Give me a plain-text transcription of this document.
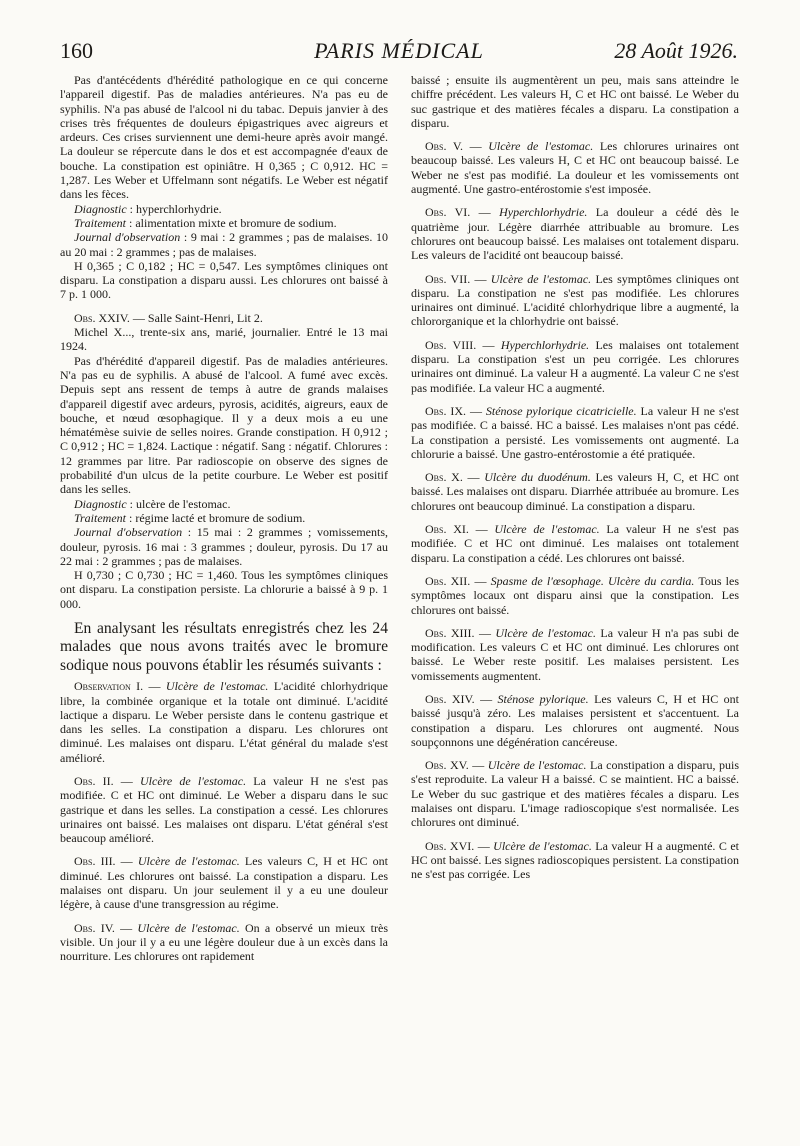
160	PARIS MÉDICAL	28 Août 1926.

Pas d'antécédents d'hérédité pathologique en ce qui concerne l'appareil digestif. Pas de maladies antérieures. N'a pas eu de syphilis. N'a pas abusé de l'alcool ni du tabac. Depuis janvier à des crises très fréquentes de douleurs épigastriques avec aigreurs et ardeurs. Ces crises surviennent une demi-heure après avoir mangé. La douleur se répercute dans le dos et est accompagnée d'eaux de bouche. La constipation est opiniâtre. H 0,365 ; C 0,912. HC = 1,287. Les Weber et Uffelmann sont négatifs. Le Weber est négatif dans les fèces.

Diagnostic : hyperchlorhydrie.

Traitement : alimentation mixte et bromure de sodium.

Journal d'observation : 9 mai : 2 grammes ; pas de malaises. 10 au 20 mai : 2 grammes ; pas de malaises.

H 0,365 ; C 0,182 ; HC = 0,547. Les symptômes cliniques ont disparu. La constipation a disparu aussi. Les chlorures ont baissé à 7 p. 1 000.

Obs. XXIV. — Salle Saint-Henri, Lit 2.

Michel X..., trente-six ans, marié, journalier. Entré le 13 mai 1924.

Pas d'hérédité d'appareil digestif. Pas de maladies antérieures. N'a pas eu de syphilis. A abusé de l'alcool. A fumé avec excès. Depuis sept ans ressent de temps à autre de grands malaises d'appareil digestif avec ardeurs, pyrosis, acidités, aigreurs, eaux de bouche, et nœud œsophagique. Il y a deux mois a eu une hématémèse suivie de selles noires. Grande constipation. H 0,912 ; C 0,912 ; HC = 1,824. Lactique : négatif. Sang : négatif. Chlorures : 12 grammes par litre. Par radioscopie on observe des signes de probabilité d'un ulcus de la petite courbure. Le Weber est positif dans les selles.

Diagnostic : ulcère de l'estomac.

Traitement : régime lacté et bromure de sodium.

Journal d'observation : 15 mai : 2 grammes ; vomissements, douleur, pyrosis. 16 mai : 3 grammes ; douleur, pyrosis. Du 17 au 22 mai : 2 grammes ; pas de malaises.

H 0,730 ; C 0,730 ; HC = 1,460. Tous les symptômes cliniques ont disparu. La constipation persiste. La chlorurie a baissé à 9 p. 1 000.

En analysant les résultats enregistrés chez les 24 malades que nous avons traités avec le bromure sodique nous pouvons établir les résumés suivants :

Observation I. — Ulcère de l'estomac. L'acidité chlorhydrique libre, la combinée organique et la totale ont diminué. L'acidité lactique a disparu. Le Weber persiste dans le contenu gastrique et dans les selles. La constipation a disparu. Les chlorures ont diminué. Les malaises ont disparu. L'état général du malade s'est amélioré.

Obs. II. — Ulcère de l'estomac. La valeur H ne s'est pas modifiée. C et HC ont diminué. Le Weber a disparu dans le suc gastrique et dans les selles. La constipation a cessé. Les chlorures urinaires ont baissé. Les malaises ont disparu. L'état général s'est beaucoup amélioré.

Obs. III. — Ulcère de l'estomac. Les valeurs C, H et HC ont diminué. Les chlorures ont baissé. La constipation a disparu. Les malaises ont disparu. Un jour seulement il y a eu une douleur légère, à cause d'une transgression au régime.

Obs. IV. — Ulcère de l'estomac. On a observé un mieux très visible. Un jour il y a eu une légère douleur due à un excès dans la nourriture. Les chlorures ont rapidement

baissé ; ensuite ils augmentèrent un peu, mais sans atteindre le chiffre précédent. Les valeurs H, C et HC ont baissé. Le Weber du suc gastrique et des matières fécales a disparu. La constipation a disparu.

Obs. V. — Ulcère de l'estomac. Les chlorures urinaires ont beaucoup baissé. Les valeurs H, C et HC ont beaucoup baissé. Le Weber ne s'est pas modifié. La douleur et les vomissements ont augmenté. Une gastro-entérostomie s'est imposée.

Obs. VI. — Hyperchlorhydrie. La douleur a cédé dès le quatrième jour. Légère diarrhée attribuable au bromure. Les chlorures ont beaucoup baissé. Les malaises ont totalement disparu. Les valeurs de l'acidité ont beaucoup baissé.

Obs. VII. — Ulcère de l'estomac. Les symptômes cliniques ont disparu. La constipation ne s'est pas modifiée. Les chlorures urinaires ont diminué. L'acidité chlorhydrique libre a augmenté, la chlororganique et la chlorhydrie ont baissé.

Obs. VIII. — Hyperchlorhydrie. Les malaises ont totalement disparu. La constipation s'est un peu corrigée. Les chlorures urinaires ont diminué. La valeur H a augmenté. La valeur C ne s'est pas modifiée. La valeur HC a augmenté.

Obs. IX. — Sténose pylorique cicatricielle. La valeur H ne s'est pas modifiée. C a baissé. HC a baissé. Les malaises n'ont pas cédé. La constipation a persisté. Les vomissements ont augmenté. La chlorurie a baissé. Une gastro-entérostomie a été pratiquée.

Obs. X. — Ulcère du duodénum. Les valeurs H, C, et HC ont baissé. Les malaises ont disparu. Diarrhée attribuée au bromure. Les chlorures ont beaucoup diminué. La constipation a disparu.

Obs. XI. — Ulcère de l'estomac. La valeur H ne s'est pas modifiée. C et HC ont diminué. Les malaises ont totalement disparu. La constipation a cédé. Les chlorures ont baissé.

Obs. XII. — Spasme de l'œsophage. Ulcère du cardia. Tous les symptômes locaux ont disparu ainsi que la constipation. Les chlorures ont baissé.

Obs. XIII. — Ulcère de l'estomac. La valeur H n'a pas subi de modification. Les valeurs C et HC ont diminué. Les chlorures ont baissé. Le Weber reste positif. Les malaises persistent. Les vomissements augmentent.

Obs. XIV. — Sténose pylorique. Les valeurs C, H et HC ont baissé jusqu'à zéro. Les malaises persistent et s'accentuent. La constipation a disparu. Les chlorures ont augmenté. Nous soupçonnons une dégénération cancéreuse.

Obs. XV. — Ulcère de l'estomac. La constipation a disparu, puis s'est reproduite. La valeur H a baissé. C se maintient. HC a baissé. Le Weber du suc gastrique et des matières fécales a disparu. Les malaises ont disparu. L'image radioscopique s'est normalisée. Les chlorures ont diminué.

Obs. XVI. — Ulcère de l'estomac. La valeur H a augmenté. C et HC ont baissé. Les signes radioscopiques persistent. La constipation ne s'est pas corrigée. Les
